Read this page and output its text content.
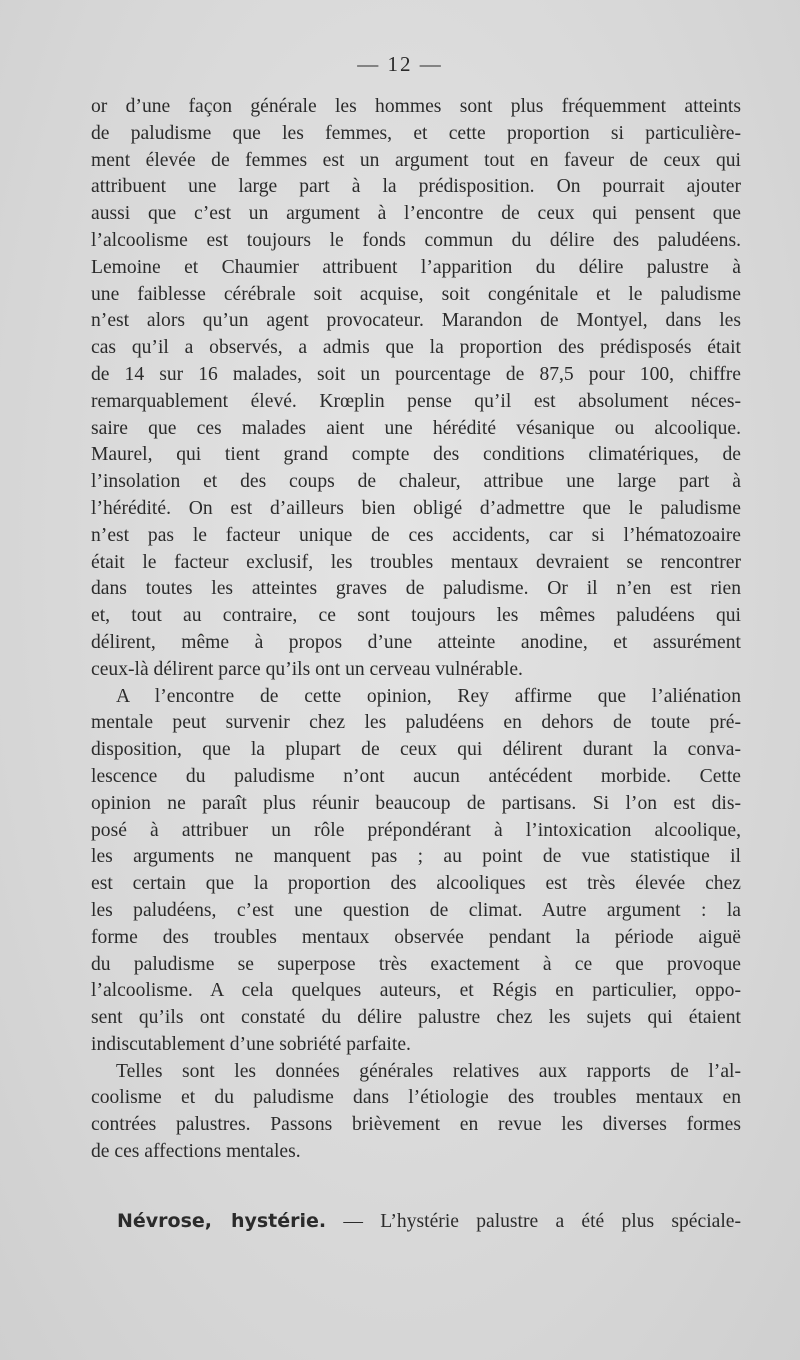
— 12 —
or d’une façon générale les hommes sont plus fréquemment atteints
de paludisme que les femmes, et cette proportion si particulière-
ment élevée de femmes est un argument tout en faveur de ceux qui
attribuent une large part à la prédisposition. On pourrait ajouter
aussi que c’est un argument à l’encontre de ceux qui pensent que
l’alcoolisme est toujours le fonds commun du délire des paludéens.
Lemoine et Chaumier attribuent l’apparition du délire palustre à
une faiblesse cérébrale soit acquise, soit congénitale et le paludisme
n’est alors qu’un agent provocateur. Marandon de Montyel, dans les
cas qu’il a observés, a admis que la proportion des prédisposés était
de 14 sur 16 malades, soit un pourcentage de 87,5 pour 100, chiffre
remarquablement élevé. Krœplin pense qu’il est absolument néces-
saire que ces malades aient une hérédité vésanique ou alcoolique.
Maurel, qui tient grand compte des conditions climatériques, de
l’insolation et des coups de chaleur, attribue une large part à
l’hérédité. On est d’ailleurs bien obligé d’admettre que le paludisme
n’est pas le facteur unique de ces accidents, car si l’hématozoaire
était le facteur exclusif, les troubles mentaux devraient se rencontrer
dans toutes les atteintes graves de paludisme. Or il n’en est rien
et, tout au contraire, ce sont toujours les mêmes paludéens qui
délirent, même à propos d’une atteinte anodine, et assurément
ceux-là délirent parce qu’ils ont un cerveau vulnérable.
A l’encontre de cette opinion, Rey affirme que l’aliénation
mentale peut survenir chez les paludéens en dehors de toute pré-
disposition, que la plupart de ceux qui délirent durant la conva-
lescence du paludisme n’ont aucun antécédent morbide. Cette
opinion ne paraît plus réunir beaucoup de partisans. Si l’on est dis-
posé à attribuer un rôle prépondérant à l’intoxication alcoolique,
les arguments ne manquent pas ; au point de vue statistique il
est certain que la proportion des alcooliques est très élevée chez
les paludéens, c’est une question de climat. Autre argument : la
forme des troubles mentaux observée pendant la période aiguë
du paludisme se superpose très exactement à ce que provoque
l’alcoolisme. A cela quelques auteurs, et Régis en particulier, oppo-
sent qu’ils ont constaté du délire palustre chez les sujets qui étaient
indiscutablement d’une sobriété parfaite.
Telles sont les données générales relatives aux rapports de l’al-
coolisme et du paludisme dans l’étiologie des troubles mentaux en
contrées palustres. Passons brièvement en revue les diverses formes
de ces affections mentales.
Névrose, hystérie. — L’hystérie palustre a été plus spéciale-
